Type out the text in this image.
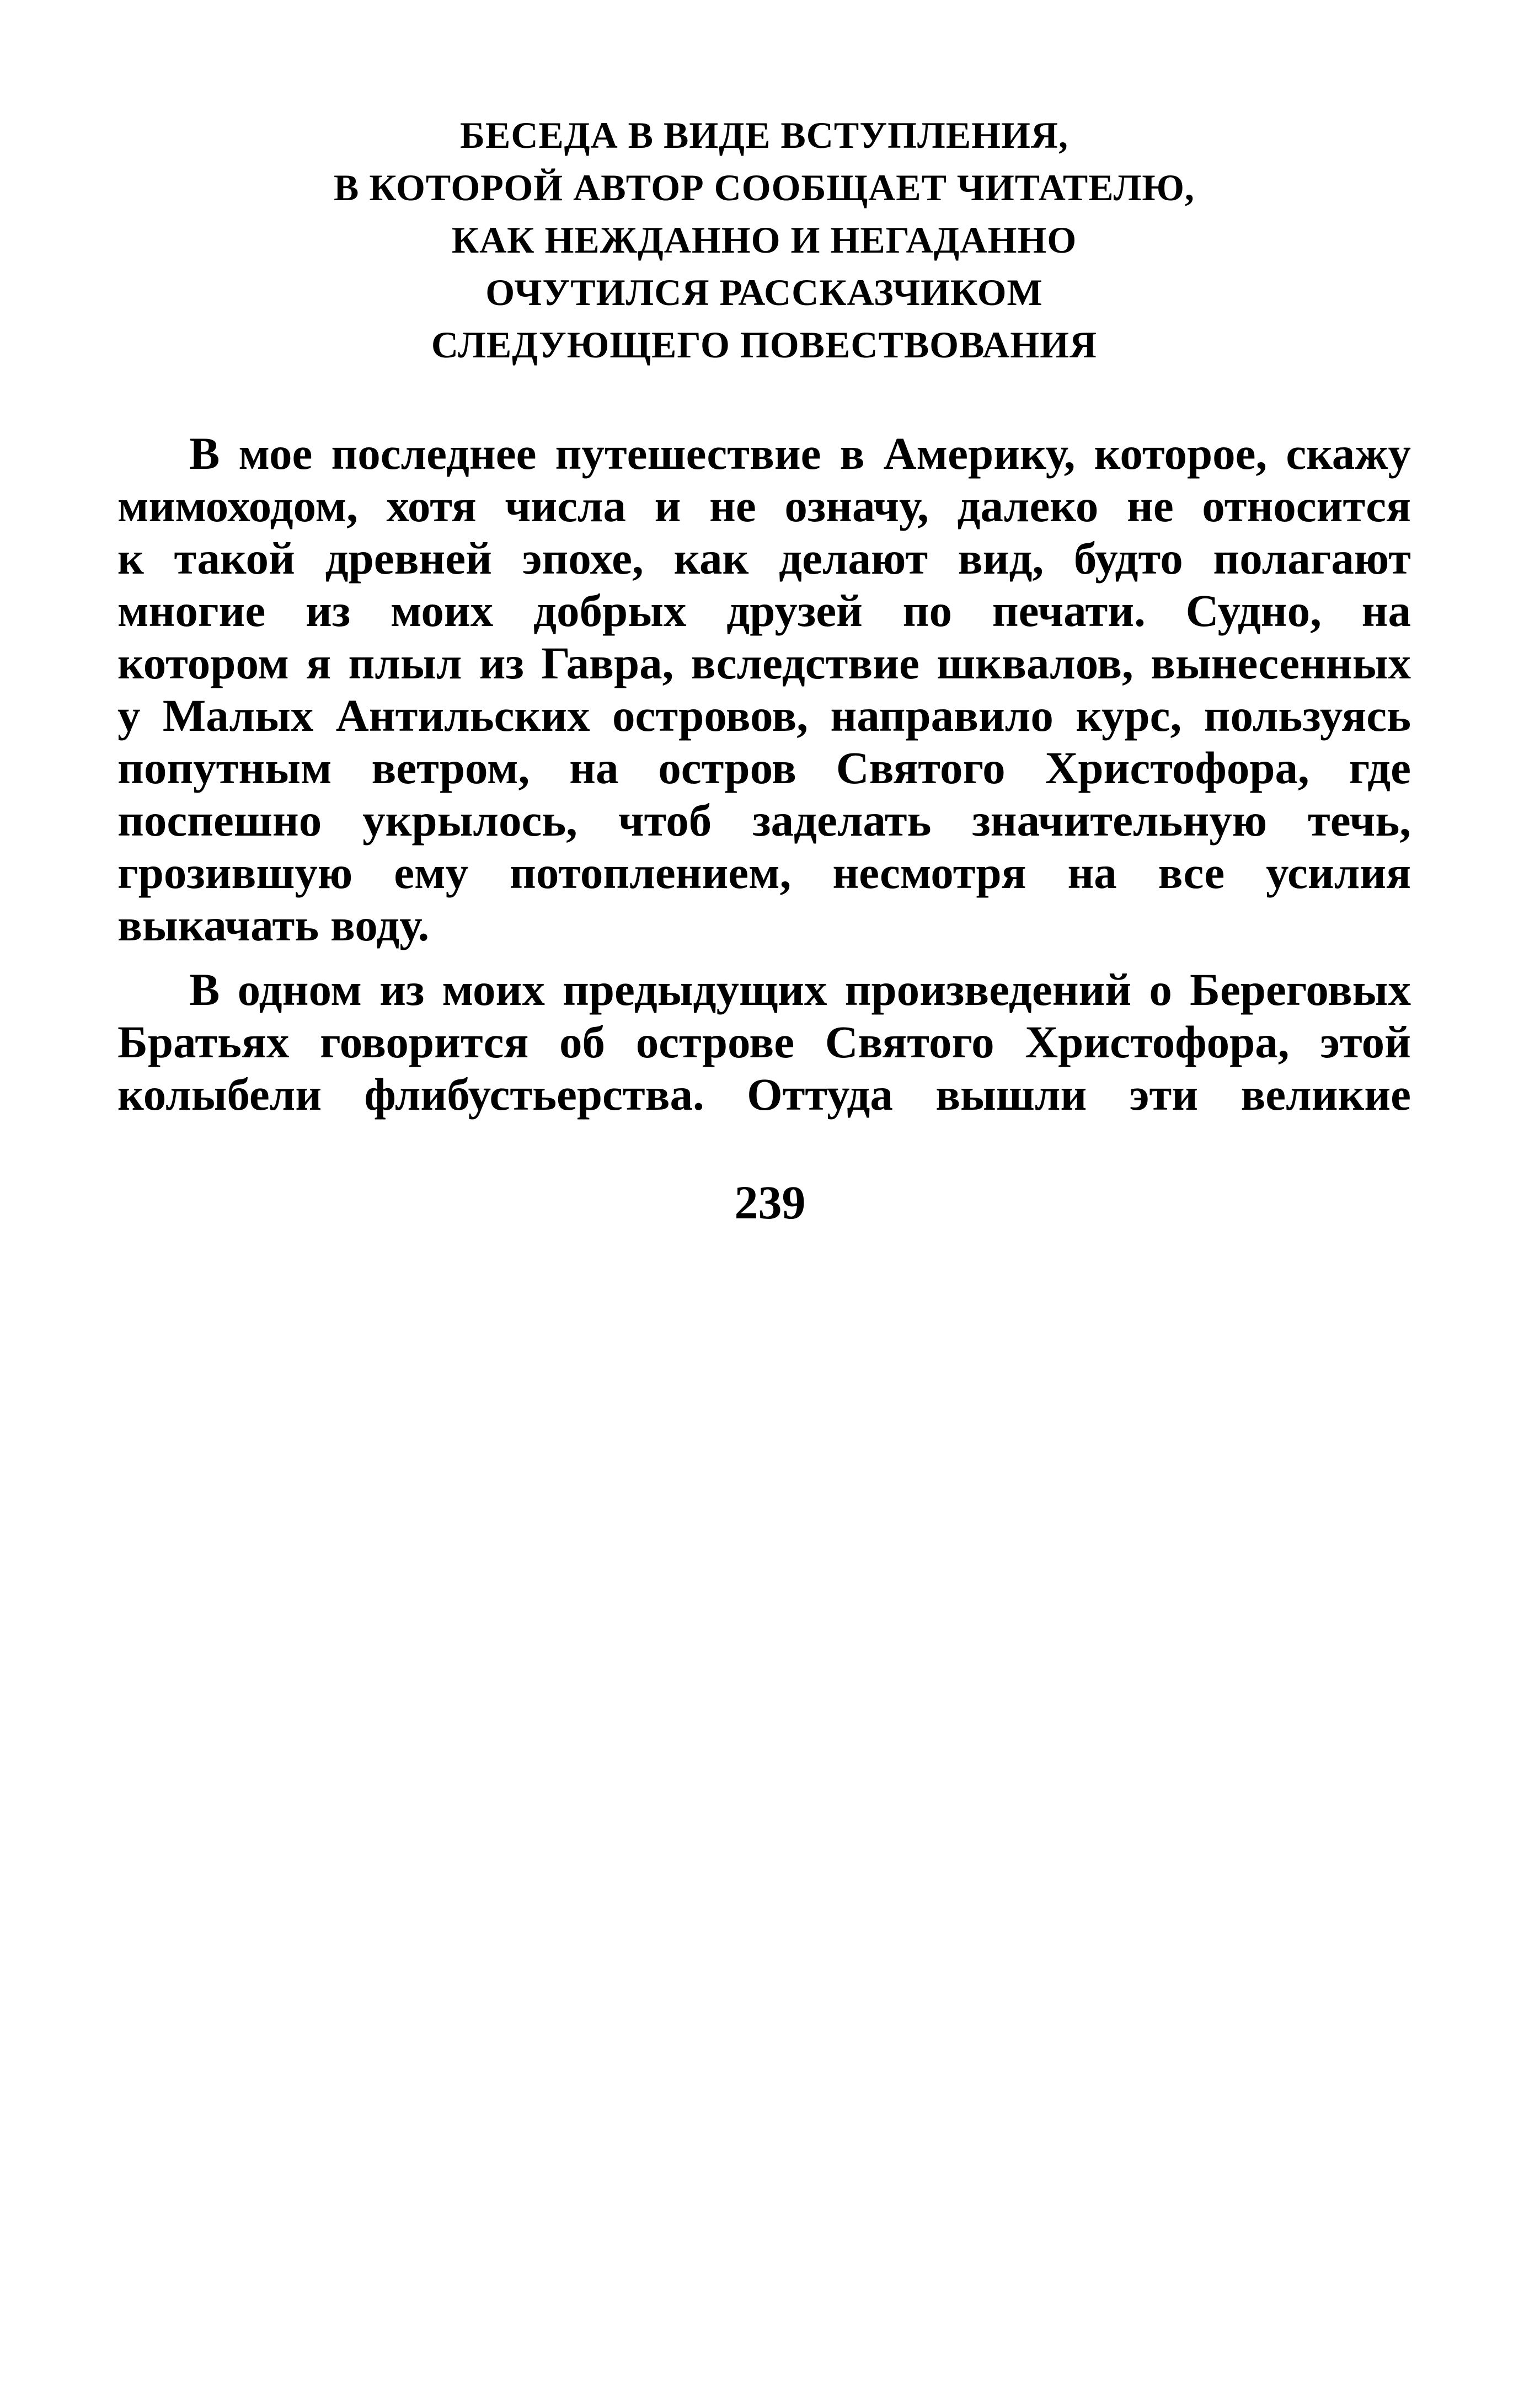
БЕСЕДА В ВИДЕ ВСТУПЛЕНИЯ,
В КОТОРОЙ АВТОР СООБЩАЕТ ЧИТАТЕЛЮ,
КАК НЕЖДАННО И НЕГАДАННО
ОЧУТИЛСЯ РАССКАЗЧИКОМ
СЛЕДУЮЩЕГО ПОВЕСТВОВАНИЯ

В мое последнее путешествие в Америку, которое, скажу
мимоходом, хотя числа и не означу, далеко не относится
к такой древней эпохе, как делают вид, будто полагают
многие из моих добрых друзей по печати. Судно, на
котором я плыл из Гавра, вследствие шквалов, вынесенных
у Малых Антильских островов, направило курс, пользуясь
попутным ветром, на остров Святого Христофора, где
поспешно укрылось, чтоб заделать значительную течь,
грозившую ему потоплением, несмотря на все усилия
выкачать воду.

В одном из моих предыдущих произведений о Береговых
Братьях говорится об острове Святого Христофора, этой
колыбели флибустьерства. Оттуда вышли эти великие

239
